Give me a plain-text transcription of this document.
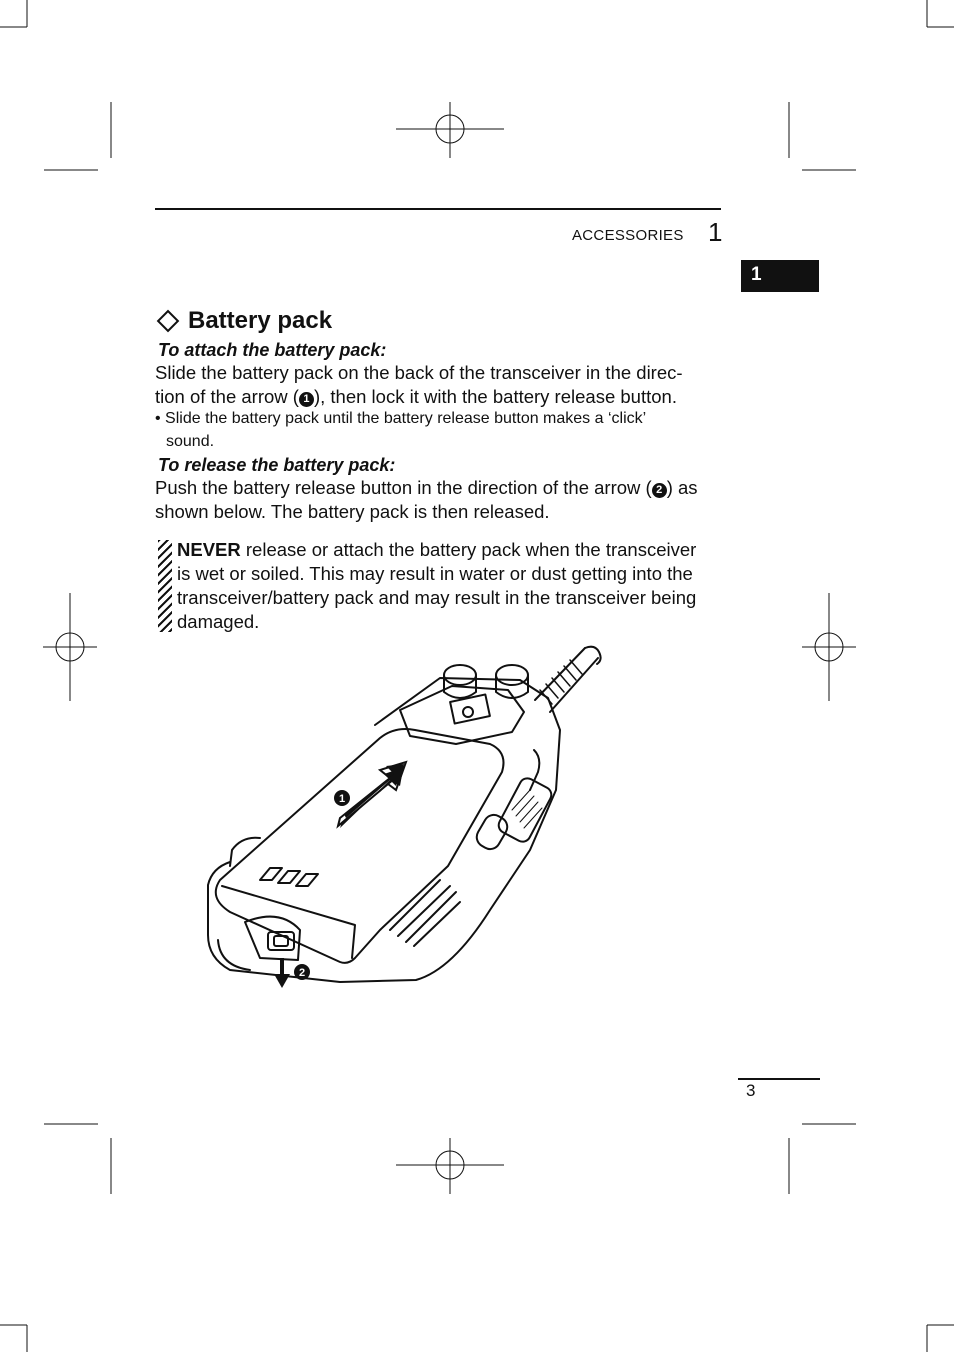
ACCESSORIES 1
1
Battery pack
To attach the battery pack:
Slide the battery pack on the back of the transceiver in the direc-
tion of the arrow ( 1 ), then lock it with the battery release button.
• Slide the battery pack until the battery release button makes a ‘click’
sound.
To release the battery pack:
Push the battery release button in the direction of the arrow ( 2 ) as
shown below. The battery pack is then released.
NEVER release or attach the battery pack when the transceiver
is wet or soiled. This may result in water or dust getting into the
transceiver/battery pack and may result in the transceiver being
damaged.
1
2
3
